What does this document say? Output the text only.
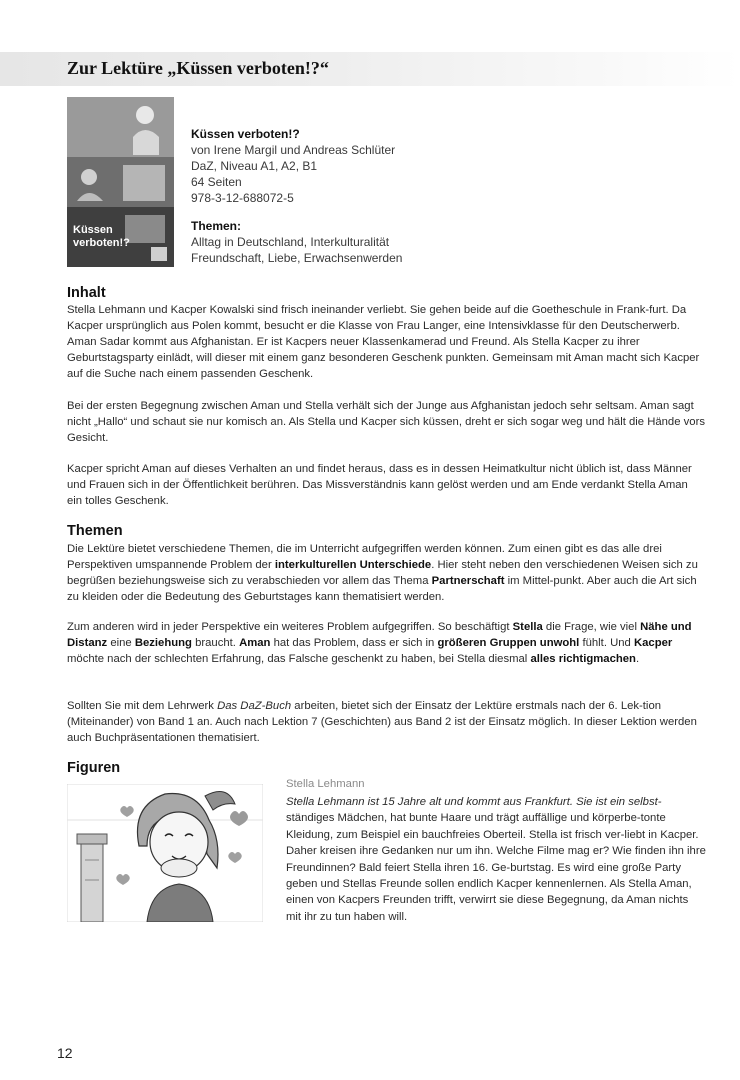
Zur Lektüre „Küssen verboten!?“
Küssen
verboten!?
Küssen verboten!?
von Irene Margil und Andreas Schlüter
DaZ, Niveau A1, A2, B1
64 Seiten
978-3-12-688072-5
Themen:
Alltag in Deutschland, Interkulturalität
Freundschaft, Liebe, Erwachsenwerden
Inhalt

Stella Lehmann und Kacper Kowalski sind frisch ineinander verliebt. Sie gehen beide auf die Goetheschule in Frank-furt. Da Kacper ursprünglich aus Polen kommt, besucht er die Klasse von Frau Langer, eine Intensivklasse für den Deutscherwerb. Aman Sadar kommt aus Afghanistan. Er ist Kacpers neuer Klassenkamerad und Freund. Als Stella Kacper zu ihrer Geburtstagsparty einlädt, will dieser mit einem ganz besonderen Geschenk punkten. Gemeinsam mit Aman macht sich Kacper auf die Suche nach einem passenden Geschenk.

Bei der ersten Begegnung zwischen Aman und Stella verhält sich der Junge aus Afghanistan jedoch sehr seltsam. Aman sagt nicht „Hallo“ und schaut sie nur komisch an. Als Stella und Kacper sich küssen, dreht er sich sogar weg und hält die Hände vors Gesicht.

Kacper spricht Aman auf dieses Verhalten an und findet heraus, dass es in dessen Heimatkultur nicht üblich ist, dass Männer und Frauen sich in der Öffentlichkeit berühren. Das Missverständnis kann gelöst werden und am Ende verdankt Stella Aman ein tolles Geschenk.

Themen

Die Lektüre bietet verschiedene Themen, die im Unterricht aufgegriffen werden können. Zum einen gibt es das alle drei Perspektiven umspannende Problem der interkulturellen Unterschiede. Hier steht neben den verschiedenen Weisen sich zu begrüßen beziehungsweise sich zu verabschieden vor allem das Thema Partnerschaft im Mittel-punkt. Aber auch die Art sich zu kleiden oder die Bedeutung des Geburtstages kann thematisiert werden.

Zum anderen wird in jeder Perspektive ein weiteres Problem aufgegriffen. So beschäftigt Stella die Frage, wie viel Nähe und Distanz eine Beziehung braucht. Aman hat das Problem, dass er sich in größeren Gruppen unwohl fühlt. Und Kacper möchte nach der schlechten Erfahrung, das Falsche geschenkt zu haben, bei Stella diesmal alles richtigmachen.

Sollten Sie mit dem Lehrwerk Das DaZ-Buch arbeiten, bietet sich der Einsatz der Lektüre erstmals nach der 6. Lek-tion (Miteinander) von Band 1 an. Auch nach Lektion 7 (Geschichten) aus Band 2 ist der Einsatz möglich. In dieser Lektion werden auch Buchpräsentationen thematisiert.

Figuren
Stella Lehmann

Stella Lehmann ist 15 Jahre alt und kommt aus Frankfurt. Sie ist ein selbst-ständiges Mädchen, hat bunte Haare und trägt auffällige und körperbe-tonte Kleidung, zum Beispiel ein bauchfreies Oberteil. Stella ist frisch ver-liebt in Kacper. Daher kreisen ihre Gedanken nur um ihn. Welche Filme mag er? Wie finden ihn ihre Freundinnen? Bald feiert Stella ihren 16. Ge-burtstag. Es wird eine große Party geben und Stellas Freunde sollen endlich Kacper kennenlernen. Als Stella Aman, einen von Kacpers Freunden trifft, verwirrt sie diese Begegnung, da Aman nichts mit ihr zu tun haben will.

12
